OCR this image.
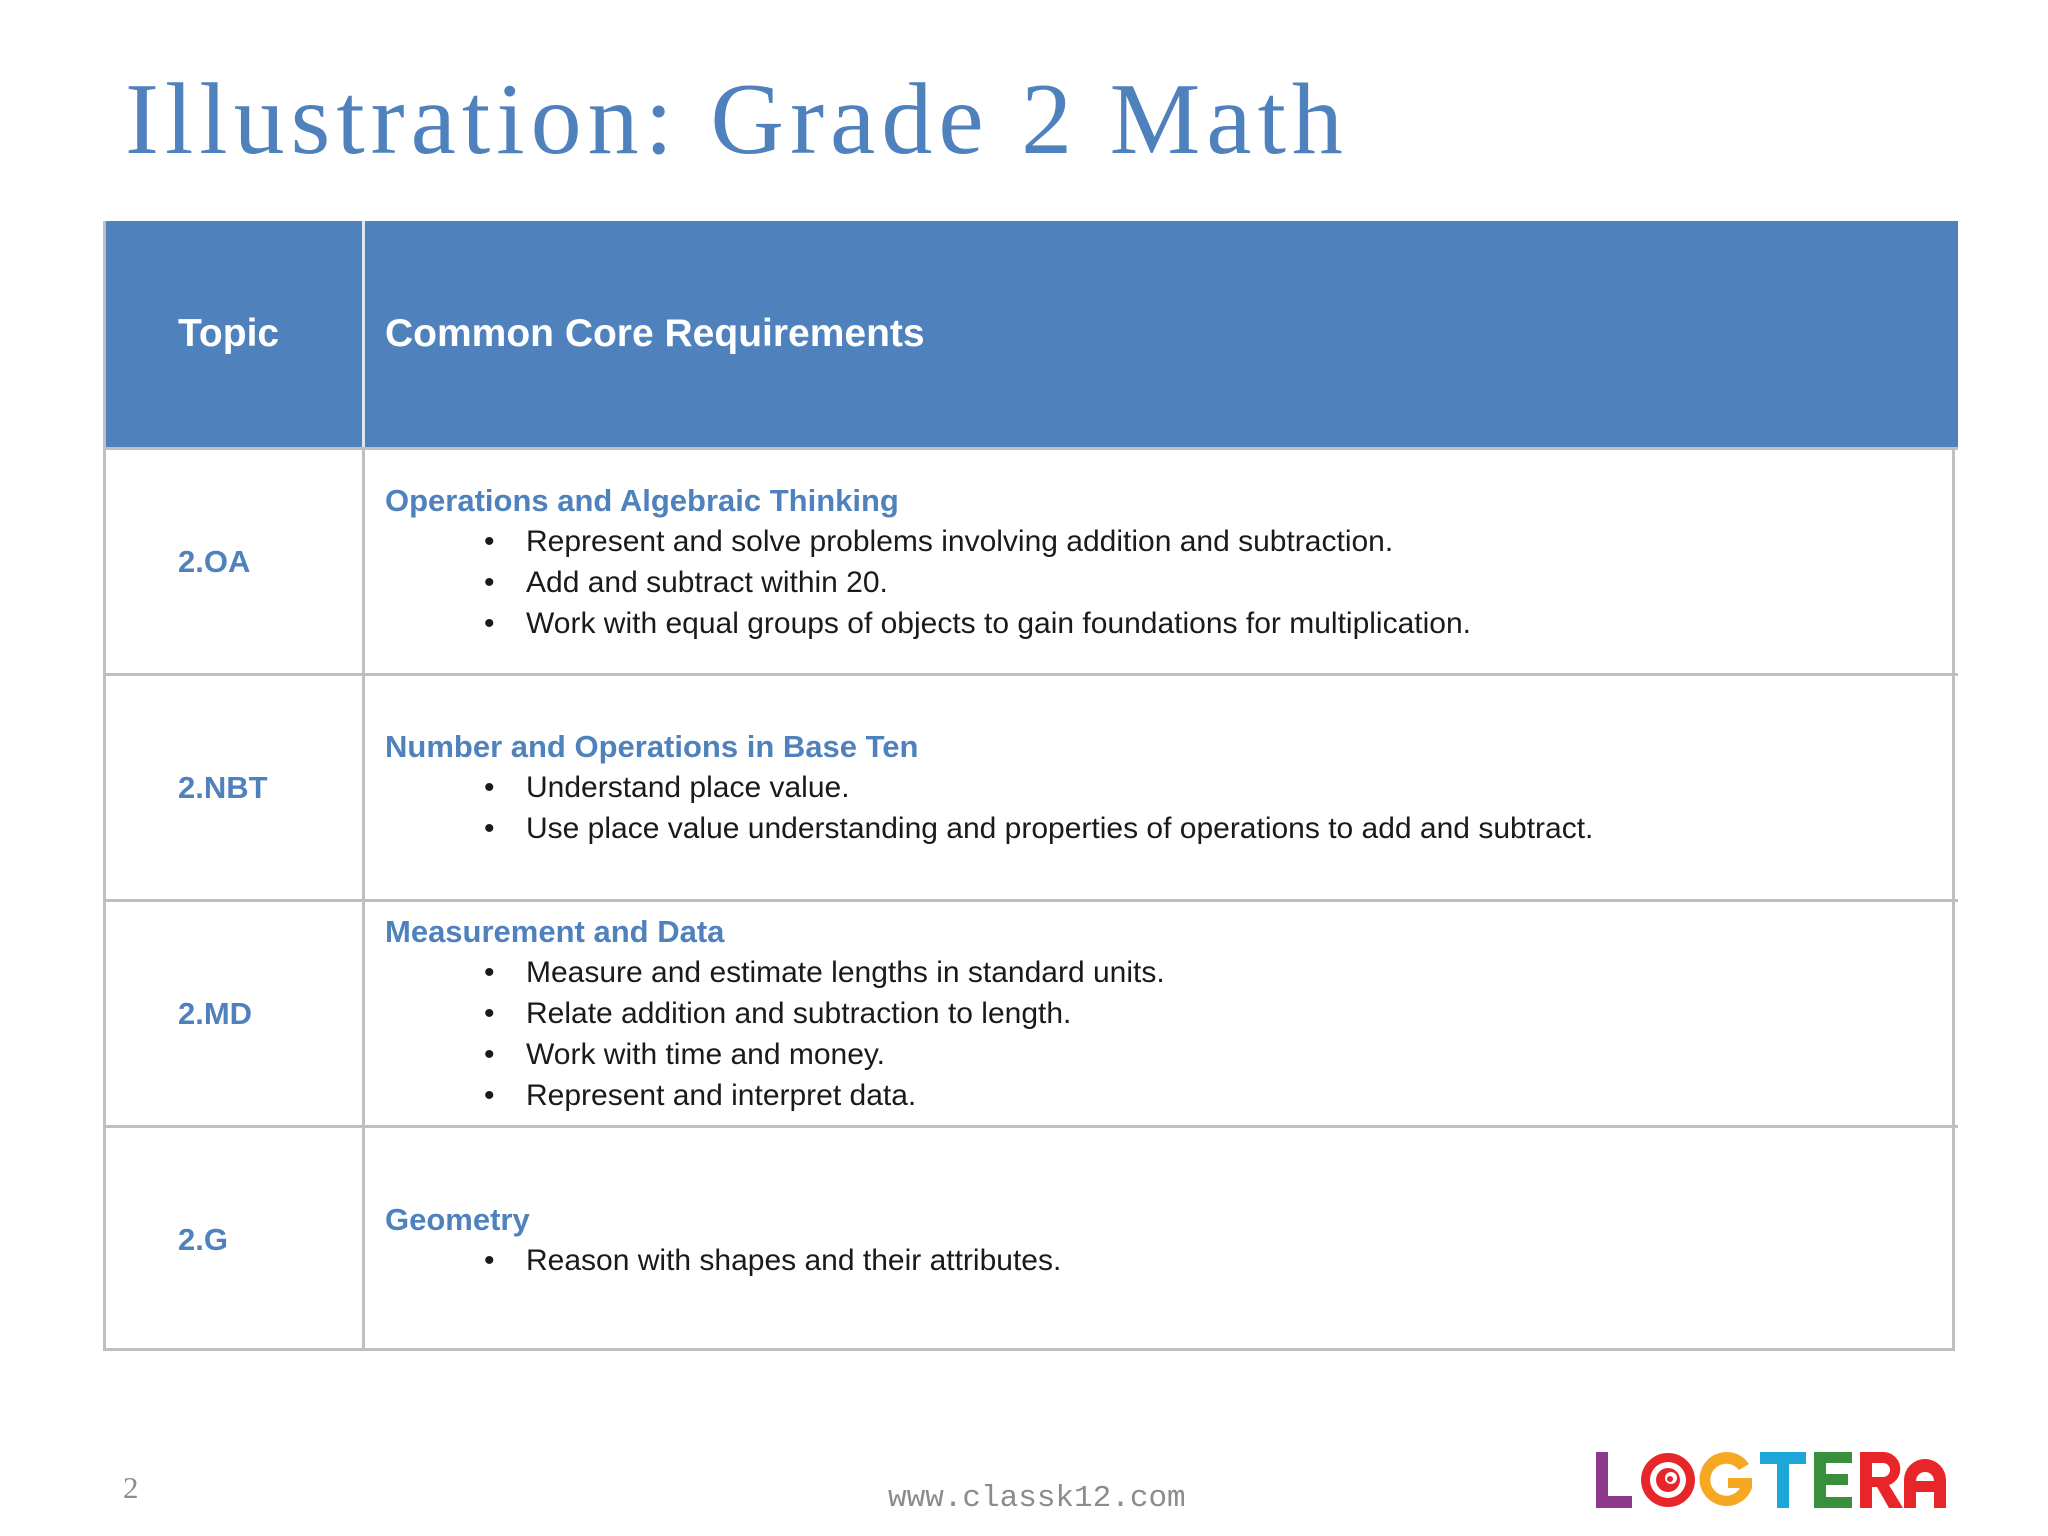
Illustration: Grade 2 Math
Topic	Common Core Requirements
2.OA
Operations and Algebraic Thinking
• Represent and solve problems involving addition and subtraction.
• Add and subtract within 20.
• Work with equal groups of objects to gain foundations for multiplication.
2.NBT
Number and Operations in Base Ten
• Understand place value.
• Use place value understanding and properties of operations to add and subtract.
2.MD
Measurement and Data
• Measure and estimate lengths in standard units.
• Relate addition and subtraction to length.
• Work with time and money.
• Represent and interpret data.
2.G
Geometry
• Reason with shapes and their attributes.
2	www.classk12.com
